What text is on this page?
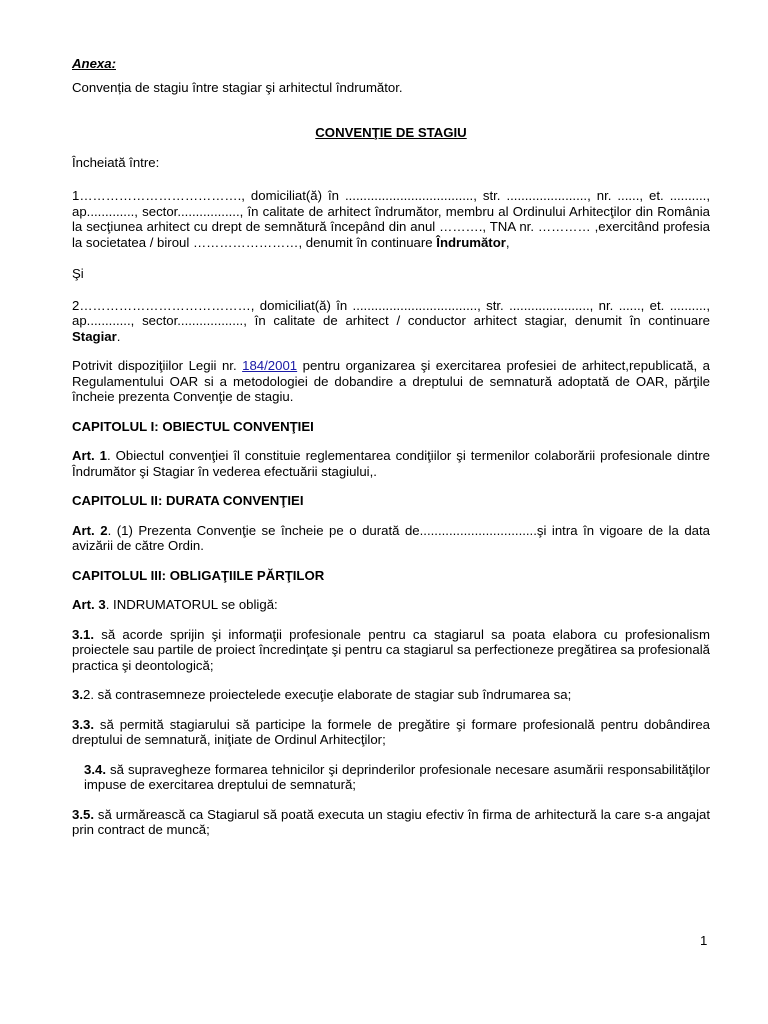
Anexa:

Convenția de stagiu între stagiar şi arhitectul îndrumător.

CONVENŢIE DE STAGIU

Încheiată între:

1………………………………., domiciliat(ă) în ..................................., str. ......................, nr. ......, et. .........., ap............., sector................., în calitate de arhitect îndrumător, membru al Ordinului Arhitecţilor din România la secţiunea arhitect cu drept de semnătură începând din anul ………., TNA nr. ………… ,exercitând profesia la societatea / biroul ……………………, denumit în continuare Îndrumător,

Şi

2…………………………………, domiciliat(ă) în .................................., str. ......................, nr. ......, et. .........., ap............, sector.................., în calitate de arhitect / conductor arhitect stagiar, denumit în continuare Stagiar.

Potrivit dispoziţiilor Legii nr. 184/2001 pentru organizarea şi exercitarea profesiei de arhitect,republicată, a Regulamentului OAR si a metodologiei de dobandire a dreptului de semnatură adoptată de OAR, părţile încheie prezenta Convenţie de stagiu.

CAPITOLUL I: OBIECTUL CONVENŢIEI

Art. 1. Obiectul convenţiei îl constituie reglementarea condiţiilor şi termenilor colaborării profesionale dintre Îndrumător şi Stagiar în vederea efectuării stagiului,.

CAPITOLUL II: DURATA CONVENŢIEI

Art. 2. (1) Prezenta Convenţie se încheie pe o durată de................................şi intra în vigoare de la data avizării de către Ordin.

CAPITOLUL III: OBLIGAŢIILE PĂRŢILOR

Art. 3. INDRUMATORUL se obligă:

3.1. să acorde sprijin şi informaţii profesionale pentru ca stagiarul sa poata elabora cu profesionalism proiectele sau partile de proiect încredinţate şi pentru ca stagiarul sa perfectioneze pregătirea sa profesională practica şi deontologică;

3.2. să contrasemneze proiectelede execuţie elaborate de stagiar sub îndrumarea sa;

3.3. să permită stagiarului să participe la formele de pregătire şi formare profesională pentru dobândirea dreptului de semnatură, iniţiate de Ordinul Arhitecţilor;

3.4. să supravegheze formarea tehnicilor şi deprinderilor profesionale necesare asumării responsabilităţilor impuse de exercitarea dreptului de semnatură;

3.5. să urmărească ca Stagiarul să poată executa un stagiu efectiv în firma de arhitectură la care s-a angajat prin contract de muncă;

1
